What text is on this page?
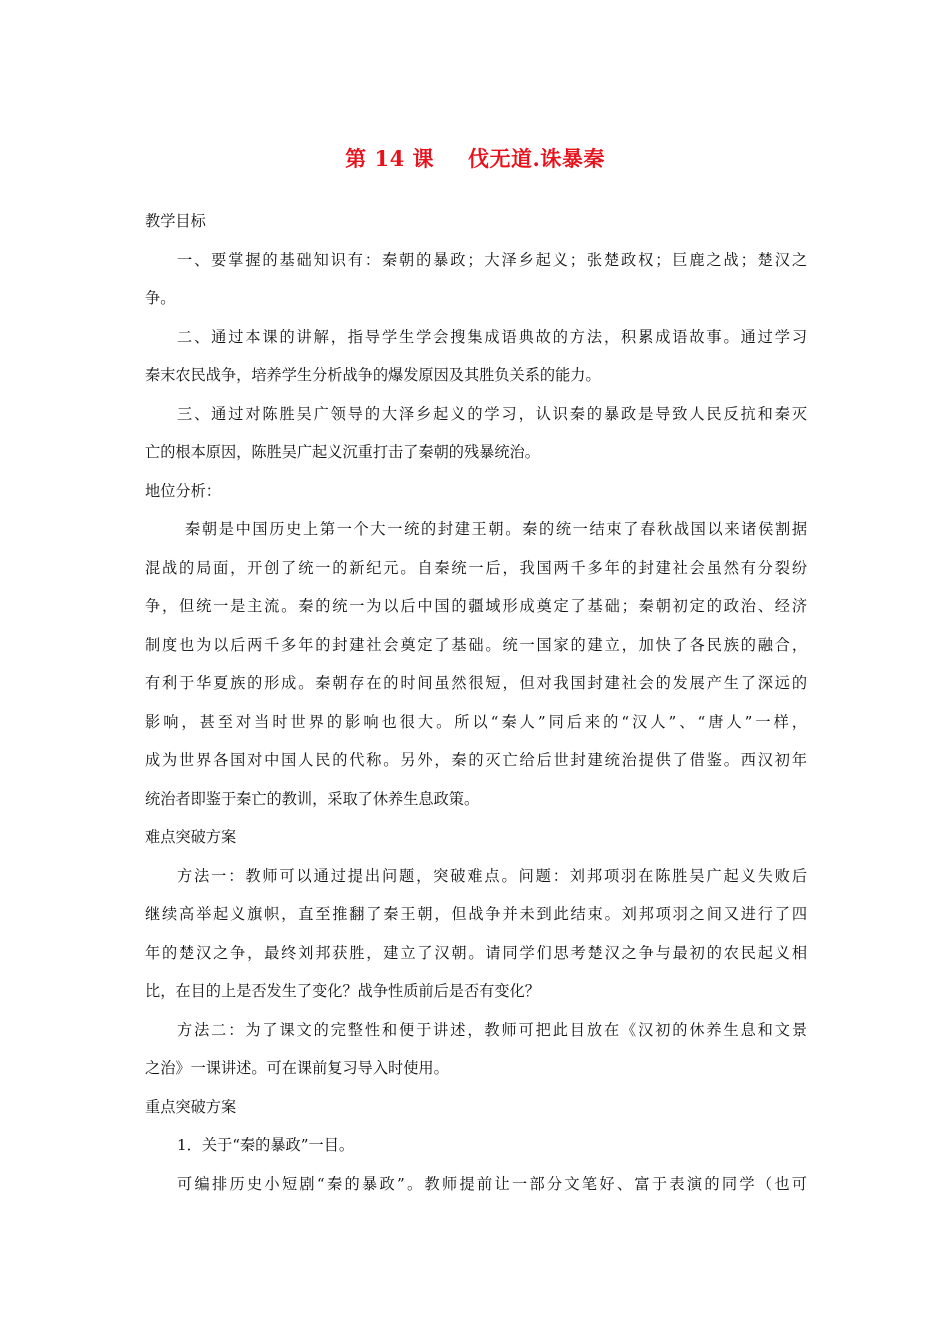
第 14 课 伐无道.诛暴秦
教学目标
一、要掌握的基础知识有：秦朝的暴政；大泽乡起义；张楚政权；巨鹿之战；楚汉之
争。
二、通过本课的讲解，指导学生学会搜集成语典故的方法，积累成语故事。通过学习
秦末农民战争，培养学生分析战争的爆发原因及其胜负关系的能力。
三、通过对陈胜吴广领导的大泽乡起义的学习，认识秦的暴政是导致人民反抗和秦灭
亡的根本原因，陈胜吴广起义沉重打击了秦朝的残暴统治。
地位分析：
秦朝是中国历史上第一个大一统的封建王朝。秦的统一结束了春秋战国以来诸侯割据
混战的局面，开创了统一的新纪元。自秦统一后，我国两千多年的封建社会虽然有分裂纷
争，但统一是主流。秦的统一为以后中国的疆域形成奠定了基础；秦朝初定的政治、经济
制度也为以后两千多年的封建社会奠定了基础。统一国家的建立，加快了各民族的融合，
有利于华夏族的形成。秦朝存在的时间虽然很短，但对我国封建社会的发展产生了深远的
影响，甚至对当时世界的影响也很大。所以“秦人”同后来的“汉人”、“唐人”一样，
成为世界各国对中国人民的代称。另外，秦的灭亡给后世封建统治提供了借鉴。西汉初年
统治者即鉴于秦亡的教训，采取了休养生息政策。
难点突破方案
方法一：教师可以通过提出问题，突破难点。问题：刘邦项羽在陈胜吴广起义失败后
继续高举起义旗帜，直至推翻了秦王朝，但战争并未到此结束。刘邦项羽之间又进行了四
年的楚汉之争，最终刘邦获胜，建立了汉朝。请同学们思考楚汉之争与最初的农民起义相
比，在目的上是否发生了变化？战争性质前后是否有变化？
方法二：为了课文的完整性和便于讲述，教师可把此目放在《汉初的休养生息和文景
之治》一课讲述。可在课前复习导入时使用。
重点突破方案
1．关于“秦的暴政”一目。
可编排历史小短剧“秦的暴政”。教师提前让一部分文笔好、富于表演的同学（也可
